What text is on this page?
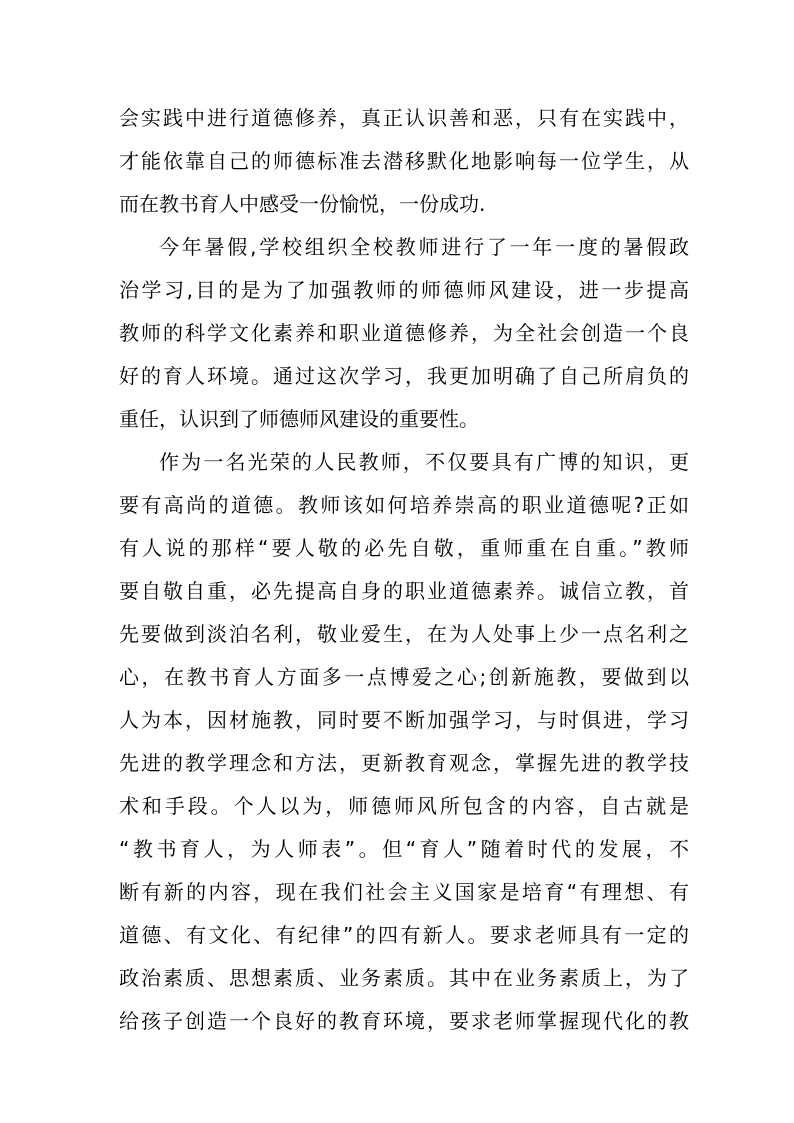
会实践中进行道德修养，真正认识善和恶，只有在实践中，
才能依靠自己的师德标准去潜移默化地影响每一位学生，从
而在教书育人中感受一份愉悦，一份成功.
今年暑假,学校组织全校教师进行了一年一度的暑假政
治学习,目的是为了加强教师的师德师风建设，进一步提高
教师的科学文化素养和职业道德修养，为全社会创造一个良
好的育人环境。通过这次学习，我更加明确了自己所肩负的
重任，认识到了师德师风建设的重要性。
作为一名光荣的人民教师，不仅要具有广博的知识，更
要有高尚的道德。教师该如何培养崇高的职业道德呢?正如
有人说的那样“要人敬的必先自敬，重师重在自重。”教师
要自敬自重，必先提高自身的职业道德素养。诚信立教，首
先要做到淡泊名利，敬业爱生，在为人处事上少一点名利之
心，在教书育人方面多一点博爱之心;创新施教，要做到以
人为本，因材施教，同时要不断加强学习，与时俱进，学习
先进的教学理念和方法，更新教育观念，掌握先进的教学技
术和手段。个人以为，师德师风所包含的内容，自古就是
“教书育人，为人师表”。但“育人”随着时代的发展，不
断有新的内容，现在我们社会主义国家是培育“有理想、有
道德、有文化、有纪律”的四有新人。要求老师具有一定的
政治素质、思想素质、业务素质。其中在业务素质上，为了
给孩子创造一个良好的教育环境，要求老师掌握现代化的教
